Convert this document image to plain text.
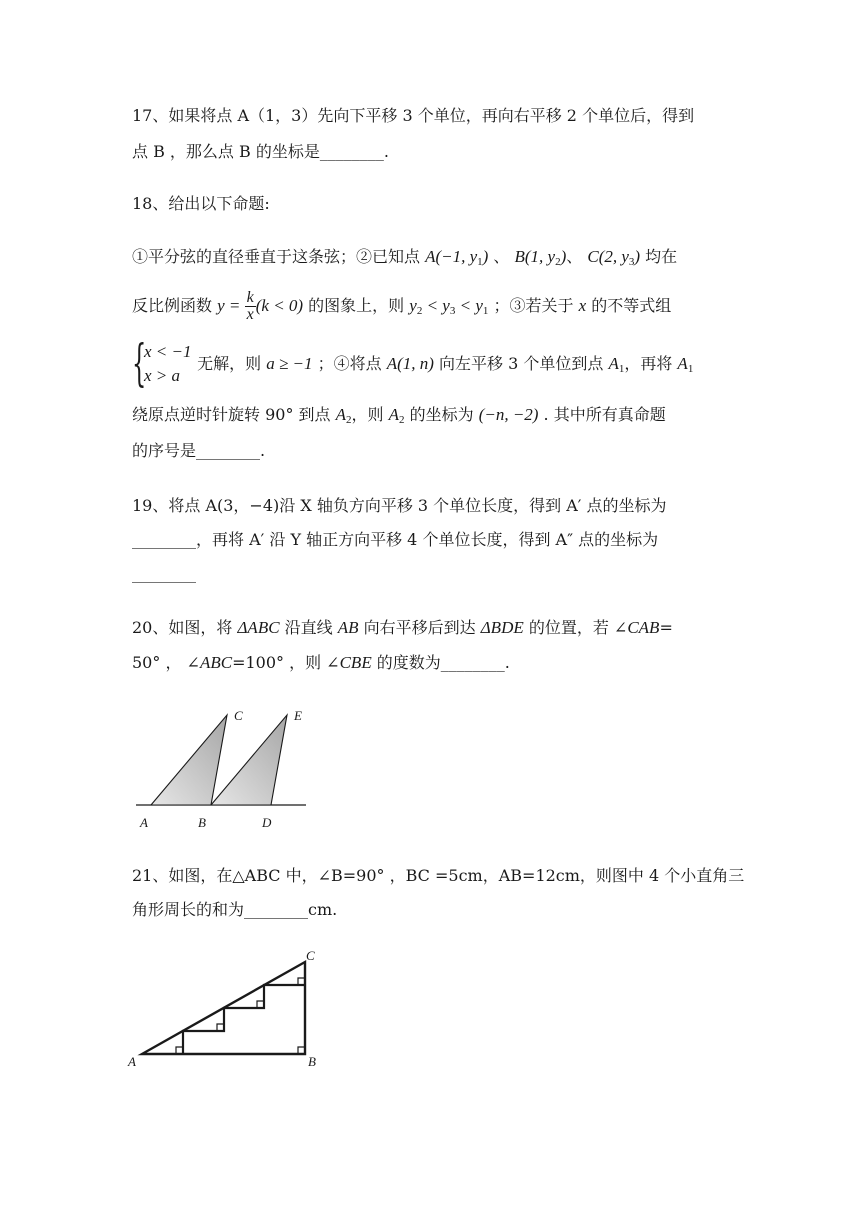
17、如果将点 A（1，3）先向下平移 3 个单位，再向右平移 2 个单位后，得到
点 B ，那么点 B 的坐标是________.
18、给出以下命题:
①平分弦的直径垂直于这条弦；②已知点 A(−1, $y_1$) 、 B(1, $y_2$)、 C(2, $y_3$) 均在
反比例函数 $y = \frac{k}{x} (k < 0)$ 的图象上，则 $y_2 < y_3 < y_1$ ；③若关于 x 的不等式组
{
x < −1
x > a
无解，则 a ≥ −1 ；④将点 A(1, n) 向左平移 3 个单位到点 $A_1$，再将 $A_1$
绕原点逆时针旋转 90° 到点 $A_2$，则 $A_2$ 的坐标为 (−n, −2) . 其中所有真命题
的序号是________.
19、将点 A(3，−4)沿 X 轴负方向平移 3 个单位长度，得到 A′ 点的坐标为
________，再将 A′ 沿 Y 轴正方向平移 4 个单位长度，得到 A″ 点的坐标为
________
20、如图，将 ΔABC 沿直线 AB 向右平移后到达 ΔBDE 的位置，若 ∠CAB=
50° ， ∠ABC=100° ，则 ∠CBE 的度数为________.
A	B	D
C	E
21、如图，在△ABC 中，∠B=90° ，BC =5cm，AB=12cm，则图中 4 个小直角三
角形周长的和为________cm.
A	B
C
